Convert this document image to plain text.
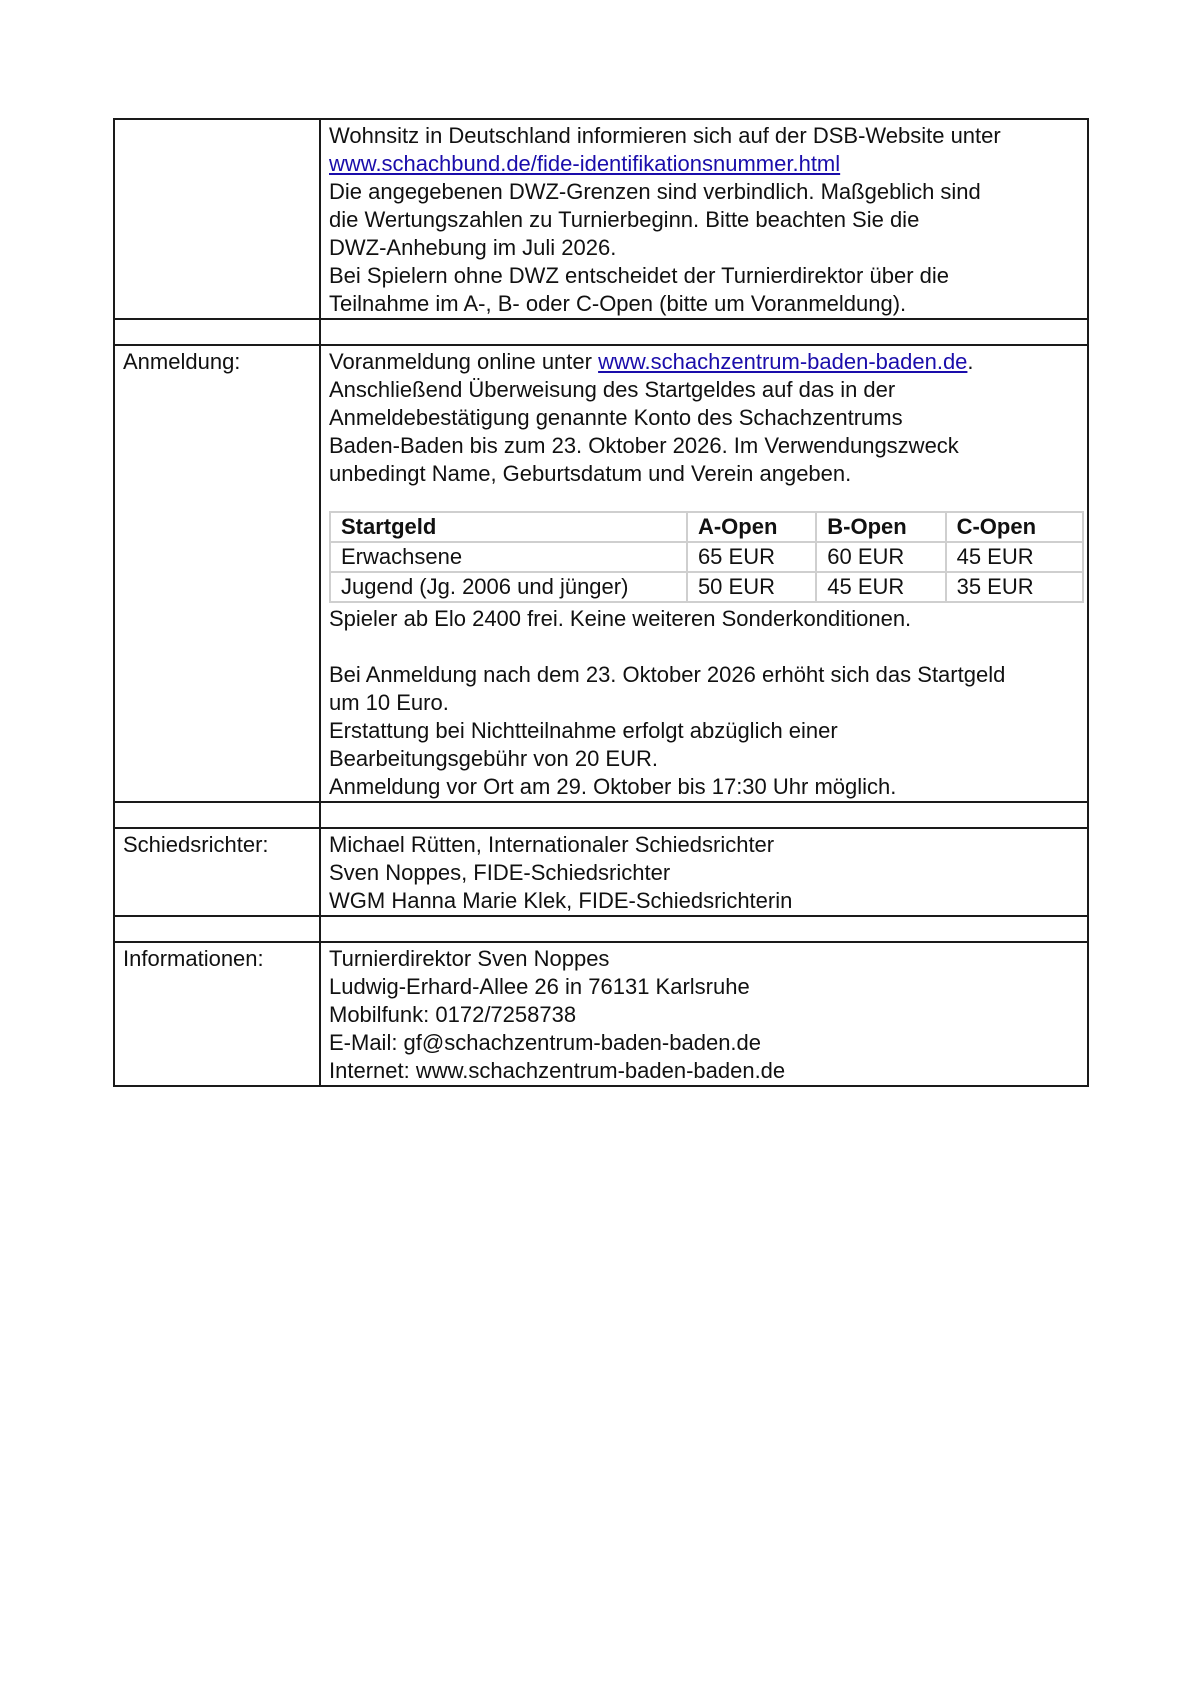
Wohnsitz in Deutschland informieren sich auf der DSB-Website unter
www.schachbund.de/fide-identifikationsnummer.html
Die angegebenen DWZ-Grenzen sind verbindlich. Maßgeblich sind
die Wertungszahlen zu Turnierbeginn. Bitte beachten Sie die
DWZ-Anhebung im Juli 2026.
Bei Spielern ohne DWZ entscheidet der Turnierdirektor über die
Teilnahme im A-, B- oder C-Open (bitte um Voranmeldung).

Anmeldung:	Voranmeldung online unter www.schachzentrum-baden-baden.de.
Anschließend Überweisung des Startgeldes auf das in der
Anmeldebestätigung genannte Konto des Schachzentrums
Baden-Baden bis zum 23. Oktober 2026. Im Verwendungszweck
unbedingt Name, Geburtsdatum und Verein angeben.
Startgeld	A-Open	B-Open	C-Open
Erwachsene	65 EUR	60 EUR	45 EUR
Jugend (Jg. 2006 und jünger)	50 EUR	45 EUR	35 EUR
Spieler ab Elo 2400 frei. Keine weiteren Sonderkonditionen.
Bei Anmeldung nach dem 23. Oktober 2026 erhöht sich das Startgeld
um 10 Euro.
Erstattung bei Nichtteilnahme erfolgt abzüglich einer
Bearbeitungsgebühr von 20 EUR.
Anmeldung vor Ort am 29. Oktober bis 17:30 Uhr möglich.

Schiedsrichter:	Michael Rütten, Internationaler Schiedsrichter
Sven Noppes, FIDE-Schiedsrichter
WGM Hanna Marie Klek, FIDE-Schiedsrichterin

Informationen:	Turnierdirektor Sven Noppes
Ludwig-Erhard-Allee 26 in 76131 Karlsruhe
Mobilfunk: 0172/7258738
E-Mail: gf@schachzentrum-baden-baden.de
Internet: www.schachzentrum-baden-baden.de
